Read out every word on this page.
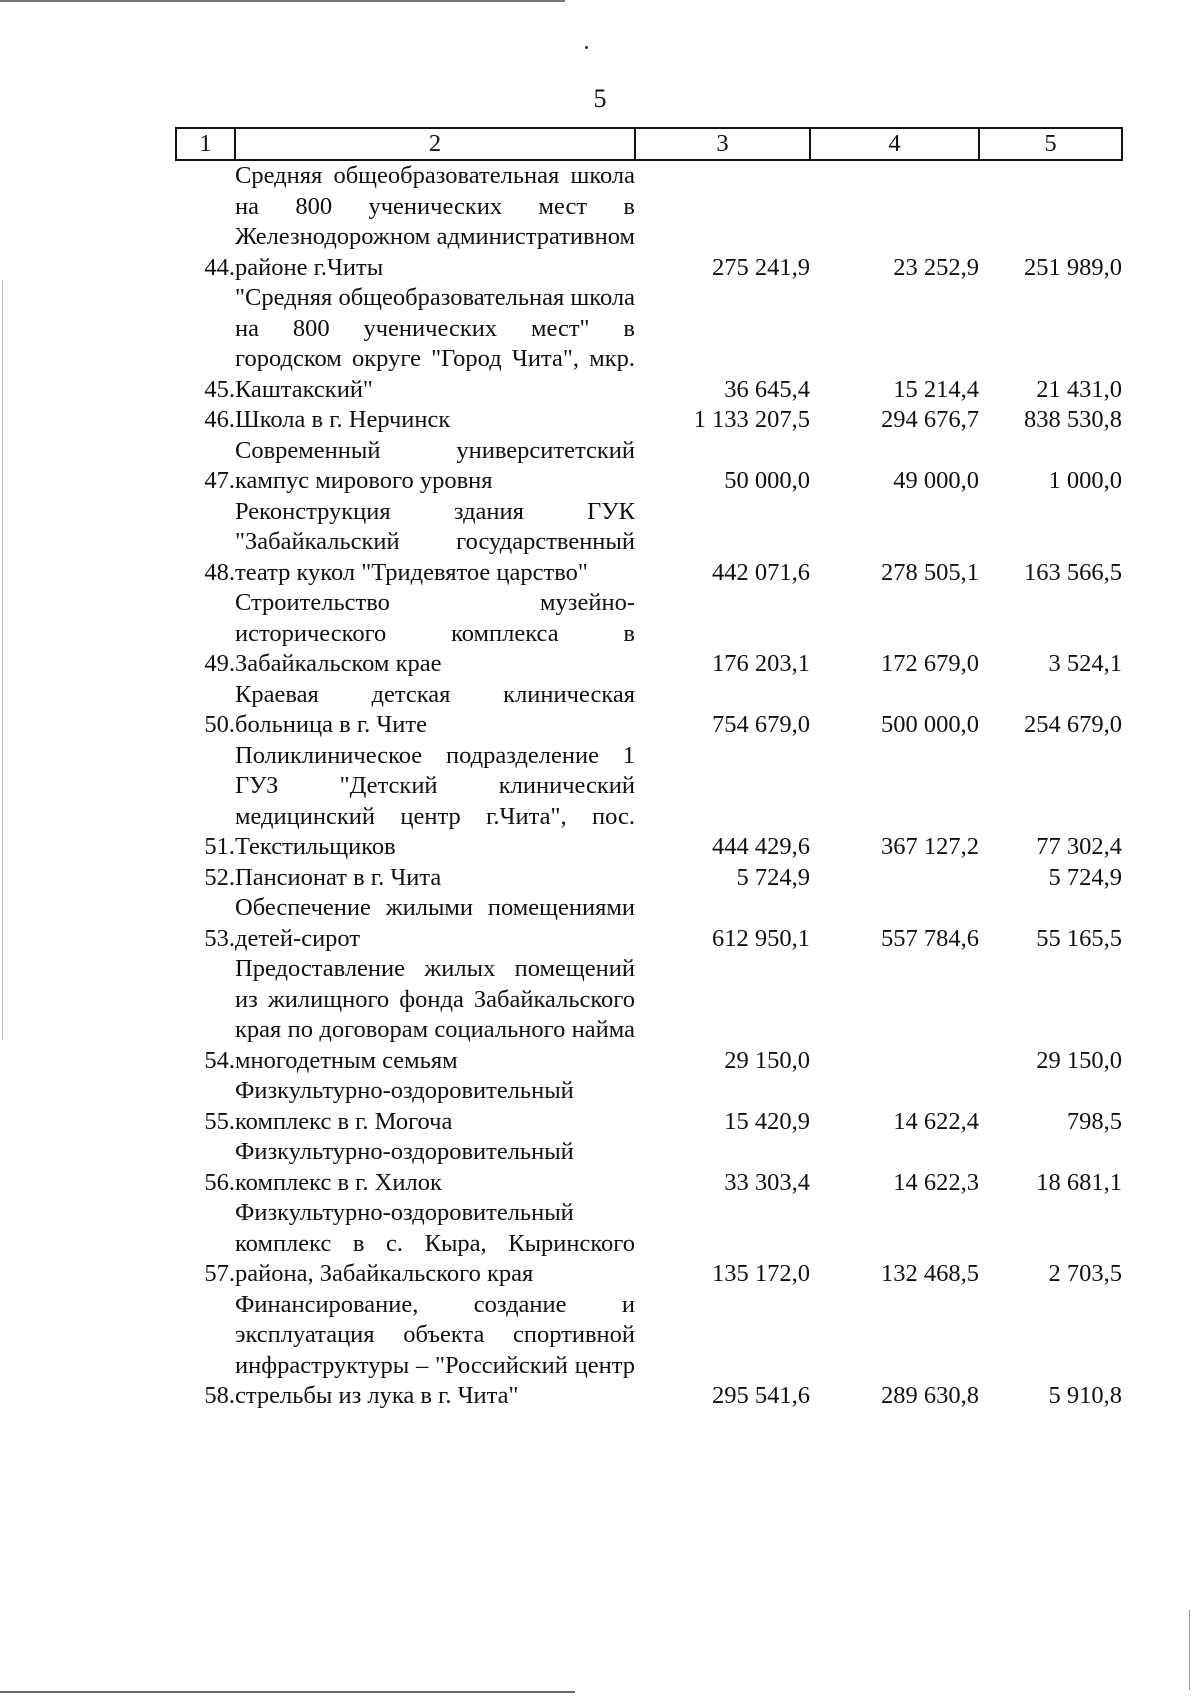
5
1	2	3	4	5
44.	Средняя общеобразовательная школа на 800 ученических мест в Железнодорожном административном районе г.Читы	275 241,9	23 252,9	251 989,0
45.	"Средняя общеобразовательная школа на 800 ученических мест" в городском округе "Город Чита", мкр. Каштакский"	36 645,4	15 214,4	21 431,0
46.	Школа в г. Нерчинск	1 133 207,5	294 676,7	838 530,8
47.	Современный университетский кампус мирового уровня	50 000,0	49 000,0	1 000,0
48.	Реконструкция здания ГУК "Забайкальский государственный театр кукол "Тридевятое царство"	442 071,6	278 505,1	163 566,5
49.	Строительство музейно-исторического комплекса в Забайкальском крае	176 203,1	172 679,0	3 524,1
50.	Краевая детская клиническая больница в г. Чите	754 679,0	500 000,0	254 679,0
51.	Поликлиническое подразделение 1 ГУЗ "Детский клинический медицинский центр г.Чита", пос. Текстильщиков	444 429,6	367 127,2	77 302,4
52.	Пансионат в г. Чита	5 724,9		5 724,9
53.	Обеспечение жилыми помещениями детей-сирот	612 950,1	557 784,6	55 165,5
54.	Предоставление жилых помещений из жилищного фонда Забайкальского края по договорам социального найма многодетным семьям	29 150,0		29 150,0
55.	Физкультурно-оздоровительный комплекс в г. Могоча	15 420,9	14 622,4	798,5
56.	Физкультурно-оздоровительный комплекс в г. Хилок	33 303,4	14 622,3	18 681,1
57.	Физкультурно-оздоровительный комплекс в с. Кыра, Кыринского района, Забайкальского края	135 172,0	132 468,5	2 703,5
58.	Финансирование, создание и эксплуатация объекта спортивной инфраструктуры – "Российский центр стрельбы из лука в г. Чита"	295 541,6	289 630,8	5 910,8
